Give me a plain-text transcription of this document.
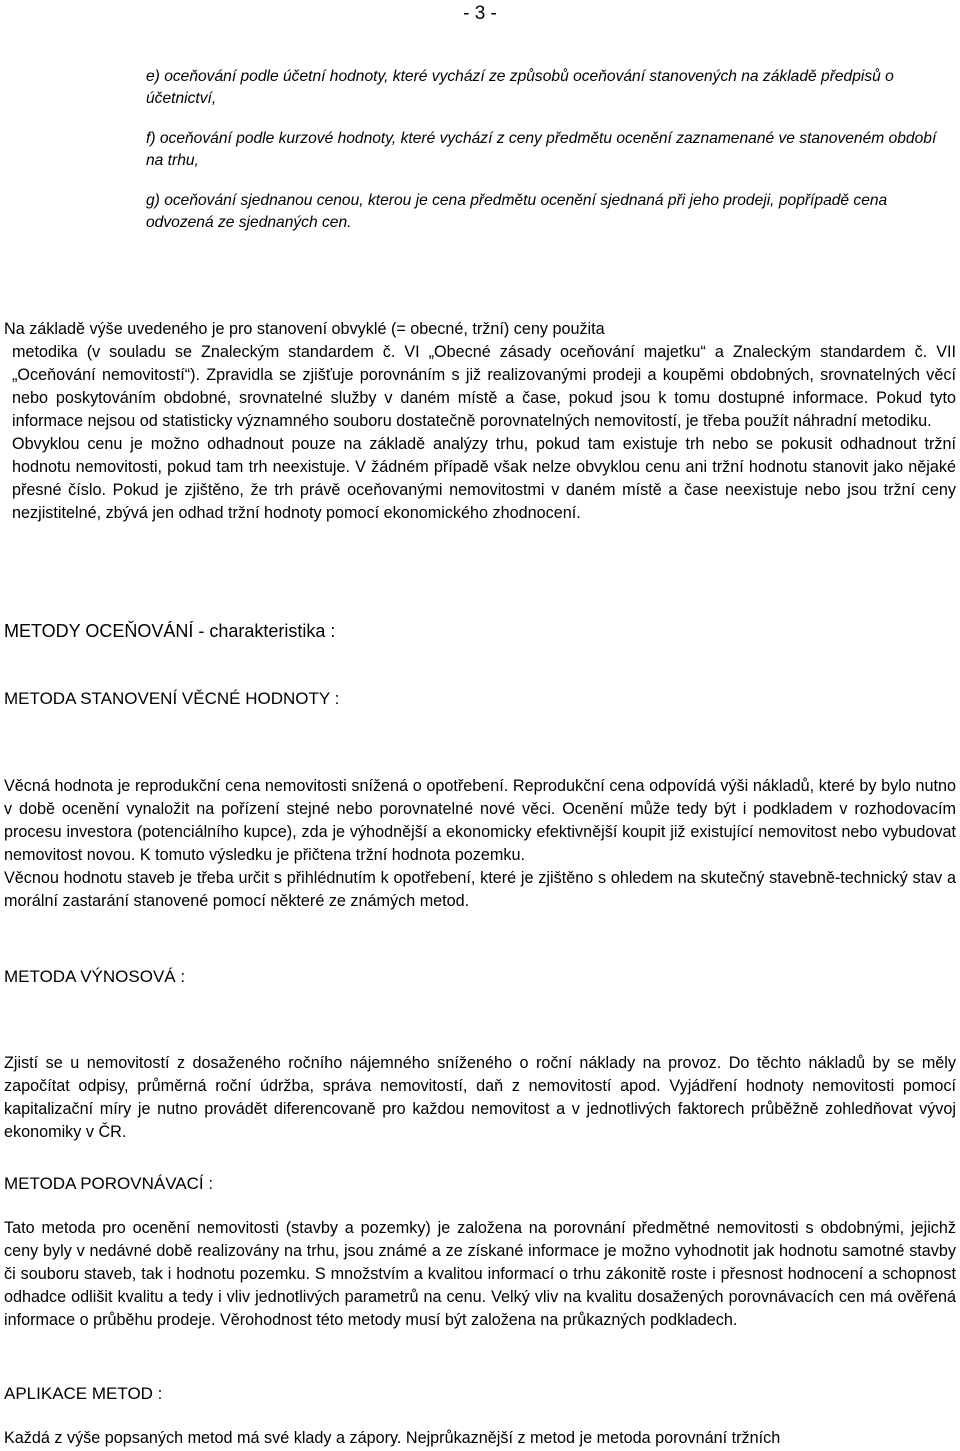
- 3 -

e) oceňování podle účetní hodnoty, které vychází ze způsobů oceňování stanovených na základě předpisů o účetnictví,

f) oceňování podle kurzové hodnoty, které vychází z ceny předmětu ocenění zaznamenané ve stanoveném období na trhu,

g) oceňování sjednanou cenou, kterou je cena předmětu ocenění sjednaná při jeho prodeji, popřípadě cena odvozená ze sjednaných cen.

Na základě výše uvedeného je pro stanovení obvyklé (= obecné, tržní) ceny použita

metodika (v souladu se Znaleckým standardem č. VI „Obecné zásady oceňování majetku“ a Znaleckým standardem č. VII „Oceňování nemovitostí“). Zpravidla se zjišťuje porovnáním s již realizovanými prodeji a koupěmi obdobných, srovnatelných věcí nebo poskytováním obdobné, srovnatelné služby v daném místě a čase, pokud jsou k tomu dostupné informace. Pokud tyto informace nejsou od statisticky významného souboru dostatečně porovnatelných nemovitostí, je třeba použít náhradní metodiku.

Obvyklou cenu je možno odhadnout pouze na základě analýzy trhu, pokud tam existuje trh nebo se pokusit odhadnout tržní hodnotu nemovitosti, pokud tam trh neexistuje. V žádném případě však nelze obvyklou cenu ani tržní hodnotu stanovit jako nějaké přesné číslo. Pokud je zjištěno, že trh právě oceňovanými nemovitostmi v daném místě a čase neexistuje nebo jsou tržní ceny nezjistitelné, zbývá jen odhad tržní hodnoty pomocí ekonomického zhodnocení.

METODY OCEŇOVÁNÍ - charakteristika :
METODA STANOVENÍ VĚCNÉ HODNOTY :

Věcná hodnota je reprodukční cena nemovitosti snížená o opotřebení. Reprodukční cena odpovídá výši nákladů, které by bylo nutno v době ocenění vynaložit na pořízení stejné nebo porovnatelné nové věci. Ocenění může tedy být i podkladem v rozhodovacím procesu investora (potenciálního kupce), zda je výhodnější a ekonomicky efektivnější koupit již existující nemovitost nebo vybudovat nemovitost novou. K tomuto výsledku je přičtena tržní hodnota pozemku.

Věcnou hodnotu staveb je třeba určit s přihlédnutím k opotřebení, které je zjištěno s ohledem na skutečný stavebně-technický stav a morální zastarání stanovené pomocí některé ze známých metod.

METODA VÝNOSOVÁ :

Zjistí se u nemovitostí z dosaženého ročního nájemného sníženého o roční náklady na provoz. Do těchto nákladů by se měly započítat odpisy, průměrná roční údržba, správa nemovitostí, daň z nemovitostí apod. Vyjádření hodnoty nemovitosti pomocí kapitalizační míry je nutno provádět diferencovaně pro každou nemovitost a v jednotlivých faktorech průběžně zohledňovat vývoj ekonomiky v ČR.

METODA POROVNÁVACÍ :

Tato metoda pro ocenění nemovitosti (stavby a pozemky) je založena na porovnání předmětné nemovitosti s obdobnými, jejichž ceny byly v nedávné době realizovány na trhu, jsou známé a ze získané informace je možno vyhodnotit jak hodnotu samotné stavby či souboru staveb, tak i hodnotu pozemku. S množstvím a kvalitou informací o trhu zákonitě roste i přesnost hodnocení a schopnost odhadce odlišit kvalitu a tedy i vliv jednotlivých parametrů na cenu. Velký vliv na kvalitu dosažených porovnávacích cen má ověřená informace o průběhu prodeje. Věrohodnost této metody musí být založena na průkazných podkladech.

APLIKACE METOD :

Každá z výše popsaných metod má své klady a zápory. Nejprůkaznější z metod je metoda porovnání tržních
